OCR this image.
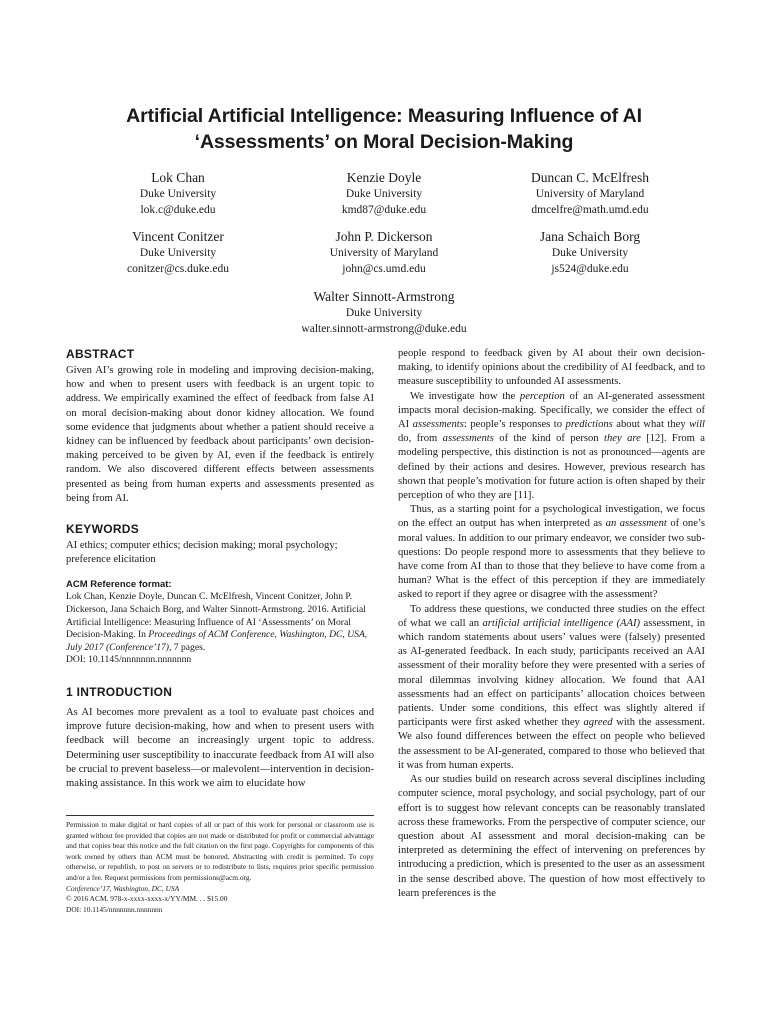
Artificial Artificial Intelligence: Measuring Influence of AI
‘Assessments’ on Moral Decision-Making
Lok Chan
Duke University
lok.c@duke.edu
Kenzie Doyle
Duke University
kmd87@duke.edu
Duncan C. McElfresh
University of Maryland
dmcelfre@math.umd.edu
Vincent Conitzer
Duke University
conitzer@cs.duke.edu
John P. Dickerson
University of Maryland
john@cs.umd.edu
Jana Schaich Borg
Duke University
js524@duke.edu
Walter Sinnott-Armstrong
Duke University
walter.sinnott-armstrong@duke.edu
ABSTRACT

Given AI’s growing role in modeling and improving decision-making, how and when to present users with feedback is an urgent topic to address. We empirically examined the effect of feedback from false AI on moral decision-making about donor kidney allocation. We found some evidence that judgments about whether a patient should receive a kidney can be influenced by feedback about participants’ own decision-making perceived to be given by AI, even if the feedback is entirely random. We also discovered different effects between assessments presented as being from human experts and assessments presented as being from AI.

KEYWORDS

AI ethics; computer ethics; decision making; moral psychology; preference elicitation

ACM Reference format:

Lok Chan, Kenzie Doyle, Duncan C. McElfresh, Vincent Conitzer, John P. Dickerson, Jana Schaich Borg, and Walter Sinnott-Armstrong. 2016. Artificial Artificial Intelligence: Measuring Influence of AI ‘Assessments’ on Moral Decision-Making. In Proceedings of ACM Conference, Washington, DC, USA, July 2017 (Conference’17), 7 pages.

DOI: 10.1145/nnnnnnn.nnnnnnn

1 INTRODUCTION

As AI becomes more prevalent as a tool to evaluate past choices and improve future decision-making, how and when to present users with feedback will become an increasingly urgent topic to address. Determining user susceptibility to inaccurate feedback from AI will also be crucial to prevent baseless—or malevolent—intervention in decision-making assistance. In this work we aim to elucidate how

Permission to make digital or hard copies of all or part of this work for personal or classroom use is granted without fee provided that copies are not made or distributed for profit or commercial advantage and that copies bear this notice and the full citation on the first page. Copyrights for components of this work owned by others than ACM must be honored. Abstracting with credit is permitted. To copy otherwise, or republish, to post on servers or to redistribute to lists, requires prior specific permission and/or a fee. Request permissions from permissions@acm.org.

Conference’17, Washington, DC, USA

© 2016 ACM. 978-x-xxxx-xxxx-x/YY/MM. . . $15.00

DOI: 10.1145/nnnnnnn.nnnnnnn

people respond to feedback given by AI about their own decision-making, to identify opinions about the credibility of AI feedback, and to measure susceptibility to unfounded AI assessments.

We investigate how the perception of an AI-generated assessment impacts moral decision-making. Specifically, we consider the effect of AI assessments: people’s responses to predictions about what they will do, from assessments of the kind of person they are [12]. From a modeling perspective, this distinction is not as pronounced—agents are defined by their actions and desires. However, previous research has shown that people’s motivation for future action is often shaped by their perception of who they are [11].

Thus, as a starting point for a psychological investigation, we focus on the effect an output has when interpreted as an assessment of one’s moral values. In addition to our primary endeavor, we consider two sub-questions: Do people respond more to assessments that they believe to have come from AI than to those that they believe to have come from a human? What is the effect of this perception if they are immediately asked to report if they agree or disagree with the assessment?

To address these questions, we conducted three studies on the effect of what we call an artificial artificial intelligence (AAI) assessment, in which random statements about users’ values were (falsely) presented as AI-generated feedback. In each study, participants received an AAI assessment of their morality before they were presented with a series of moral dilemmas involving kidney allocation. We found that AAI assessments had an effect on participants’ allocation choices between patients. Under some conditions, this effect was slightly altered if participants were first asked whether they agreed with the assessment. We also found differences between the effect on people who believed the assessment to be AI-generated, compared to those who believed that it was from human experts.

As our studies build on research across several disciplines including computer science, moral psychology, and social psychology, part of our effort is to suggest how relevant concepts can be reasonably translated across these frameworks. From the perspective of computer science, our question about AI assessment and moral decision-making can be interpreted as determining the effect of intervening on preferences by introducing a prediction, which is presented to the user as an assessment in the sense described above. The question of how most effectively to learn preferences is the
